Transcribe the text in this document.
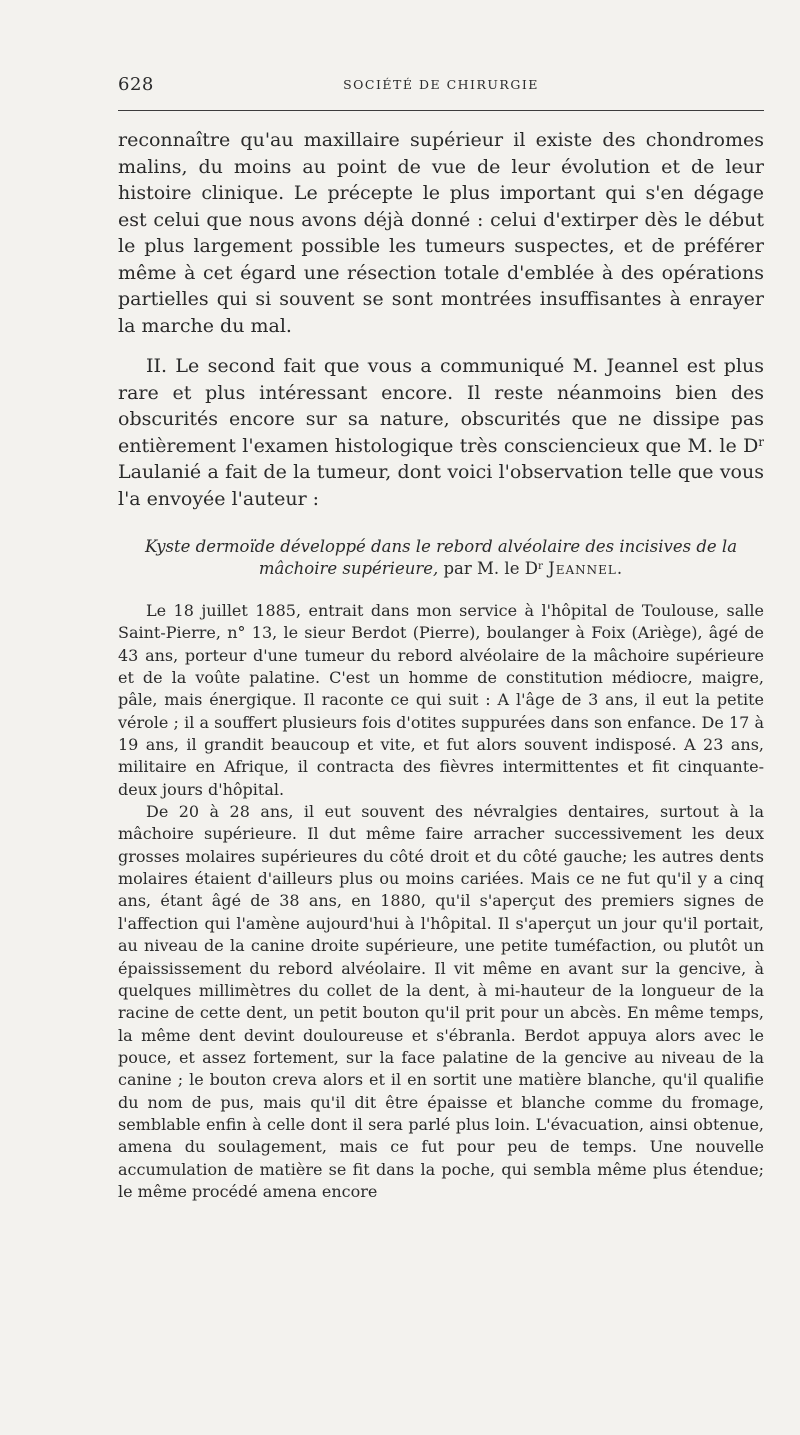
628	SOCIÉTÉ DE CHIRURGIE

reconnaître qu'au maxillaire supérieur il existe des chondromes malins, du moins au point de vue de leur évolution et de leur histoire clinique. Le précepte le plus important qui s'en dégage est celui que nous avons déjà donné : celui d'extirper dès le début le plus largement possible les tumeurs suspectes, et de préférer même à cet égard une résection totale d'emblée à des opérations partielles qui si souvent se sont montrées insuffisantes à enrayer la marche du mal.

II. Le second fait que vous a communiqué M. Jeannel est plus rare et plus intéressant encore. Il reste néanmoins bien des obscurités encore sur sa nature, obscurités que ne dissipe pas entièrement l'examen histologique très consciencieux que M. le $D^r$ Laulanié a fait de la tumeur, dont voici l'observation telle que vous l'a envoyée l'auteur :

Kyste dermoïde développé dans le rebord alvéolaire des incisives de la mâchoire supérieure, par M. le $D^r$ Jeannel.

Le 18 juillet 1885, entrait dans mon service à l'hôpital de Toulouse, salle Saint-Pierre, n° 13, le sieur Berdot (Pierre), boulanger à Foix (Ariège), âgé de 43 ans, porteur d'une tumeur du rebord alvéolaire de la mâchoire supérieure et de la voûte palatine. C'est un homme de constitution médiocre, maigre, pâle, mais énergique. Il raconte ce qui suit : A l'âge de 3 ans, il eut la petite vérole ; il a souffert plusieurs fois d'otites suppurées dans son enfance. De 17 à 19 ans, il grandit beaucoup et vite, et fut alors souvent indisposé. A 23 ans, militaire en Afrique, il contracta des fièvres intermittentes et fit cinquante-deux jours d'hôpital.

De 20 à 28 ans, il eut souvent des névralgies dentaires, surtout à la mâchoire supérieure. Il dut même faire arracher successivement les deux grosses molaires supérieures du côté droit et du côté gauche; les autres dents molaires étaient d'ailleurs plus ou moins cariées. Mais ce ne fut qu'il y a cinq ans, étant âgé de 38 ans, en 1880, qu'il s'aperçut des premiers signes de l'affection qui l'amène aujourd'hui à l'hôpital. Il s'aperçut un jour qu'il portait, au niveau de la canine droite supérieure, une petite tuméfaction, ou plutôt un épaississement du rebord alvéolaire. Il vit même en avant sur la gencive, à quelques millimètres du collet de la dent, à mi-hauteur de la longueur de la racine de cette dent, un petit bouton qu'il prit pour un abcès. En même temps, la même dent devint douloureuse et s'ébranla. Berdot appuya alors avec le pouce, et assez fortement, sur la face palatine de la gencive au niveau de la canine ; le bouton creva alors et il en sortit une matière blanche, qu'il qualifie du nom de pus, mais qu'il dit être épaisse et blanche comme du fromage, semblable enfin à celle dont il sera parlé plus loin. L'évacuation, ainsi obtenue, amena du soulagement, mais ce fut pour peu de temps. Une nouvelle accumulation de matière se fit dans la poche, qui sembla même plus étendue; le même procédé amena encore
